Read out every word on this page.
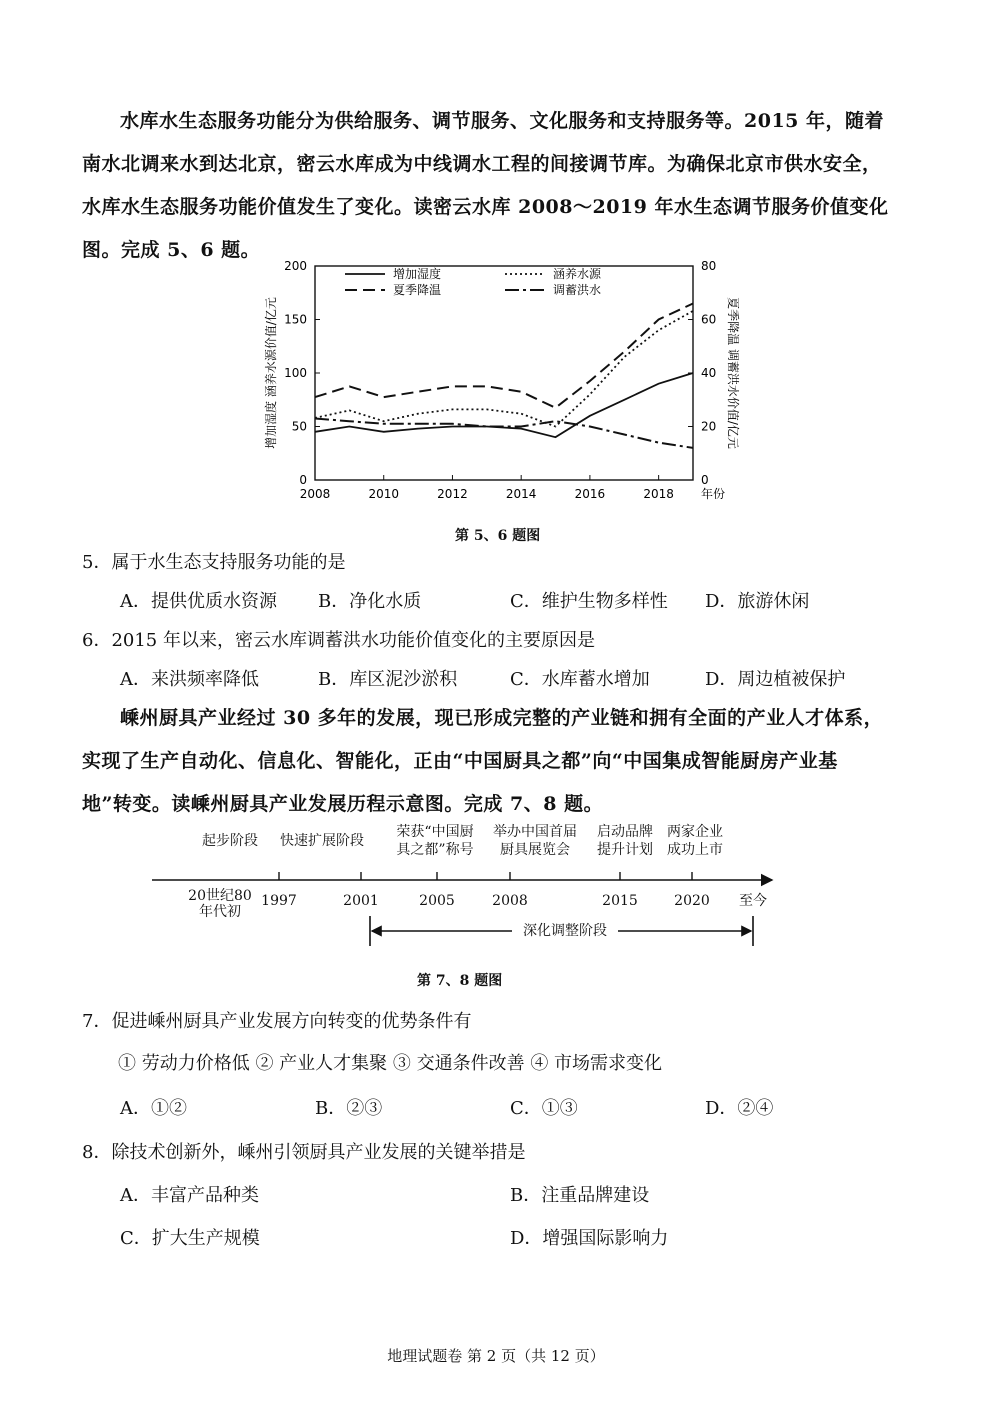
水库水生态服务功能分为供给服务、调节服务、文化服务和支持服务等。2015 年，随着
南水北调来水到达北京，密云水库成为中线调水工程的间接调节库。为确保北京市供水安全，
水库水生态服务功能价值发生了变化。读密云水库 2008～2019 年水生态调节服务价值变化
图。完成 5、6 题。
0
50
100
150
200
0
20
40
60
80
2008	2010	2012	2014	2016	2018 年份
增加湿度 涵养水源价值/亿元	夏季降温 调蓄洪水价值/亿元
增加湿度	涵养水源
夏季降温	调蓄洪水
第 5、6 题图
5．属于水生态支持服务功能的是
A．提供优质水资源 B．净化水质	C．维护生物多样性 D．旅游休闲
6．2015 年以来，密云水库调蓄洪水功能价值变化的主要原因是
A．来洪频率降低	B．库区泥沙淤积	C．水库蓄水增加	D．周边植被保护
嵊州厨具产业经过 30 多年的发展，现已形成完整的产业链和拥有全面的产业人才体系，
实现了生产自动化、信息化、智能化，正由“中国厨具之都”向“中国集成智能厨房产业基
地”转变。读嵊州厨具产业发展历程示意图。完成 7、8 题。
起步阶段	快速扩展阶段
荣获“中国厨
具之都”称号
举办中国首届
厨具展览会
启动品牌
提升计划
两家企业
成功上市
20世纪80
年代初
1997	2001	2005	2008	2015	2020	至今
深化调整阶段
第 7、8 题图
7．促进嵊州厨具产业发展方向转变的优势条件有
① 劳动力价格低 ② 产业人才集聚 ③ 交通条件改善 ④ 市场需求变化
A．①②	B．②③	C．①③	D．②④
8．除技术创新外，嵊州引领厨具产业发展的关键举措是
A．丰富产品种类	B．注重品牌建设
C．扩大生产规模	D．增强国际影响力
地理试题卷 第 2 页（共 12 页）
